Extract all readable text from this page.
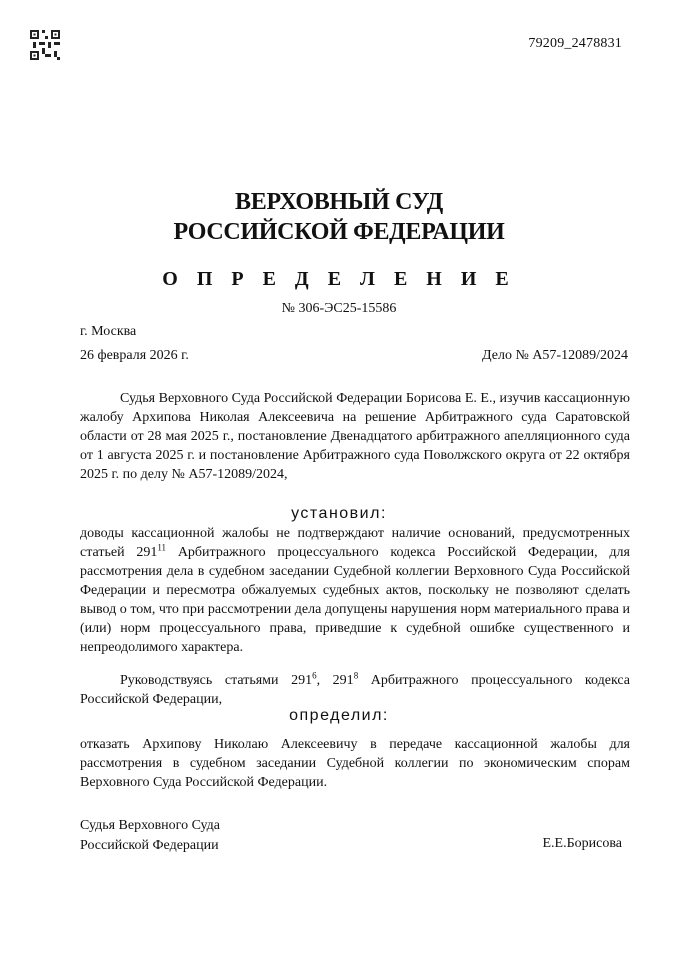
79209_2478831
ВЕРХОВНЫЙ СУД
РОССИЙСКОЙ ФЕДЕРАЦИИ
О П Р Е Д Е Л Е Н И Е
№ 306-ЭС25-15586
г. Москва
26 февраля 2026 г.	Дело № А57-12089/2024
Судья Верховного Суда Российской Федерации Борисова Е. Е., изучив кассационную жалобу Архипова Николая Алексеевича на решение Арбитражного суда Саратовской области от 28 мая 2025 г., постановление Двенадцатого арбитражного апелляционного суда от 1 августа 2025 г. и постановление Арбитражного суда Поволжского округа от 22 октября 2025 г. по делу № А57-12089/2024,
установил:
доводы кассационной жалобы не подтверждают наличие оснований, предусмотренных статьей $291^{11}$ Арбитражного процессуального кодекса Российской Федерации, для рассмотрения дела в судебном заседании Судебной коллегии Верховного Суда Российской Федерации и пересмотра обжалуемых судебных актов, поскольку не позволяют сделать вывод о том, что при рассмотрении дела допущены нарушения норм материального права и (или) норм процессуального права, приведшие к судебной ошибке существенного и непреодолимого характера.
Руководствуясь статьями $291^6$, $291^8$ Арбитражного процессуального кодекса Российской Федерации,
определил:
отказать Архипову Николаю Алексеевичу в передаче кассационной жалобы для рассмотрения в судебном заседании Судебной коллегии по экономическим спорам Верховного Суда Российской Федерации.
Судья Верховного Суда
Российской Федерации	Е.Е.Борисова
